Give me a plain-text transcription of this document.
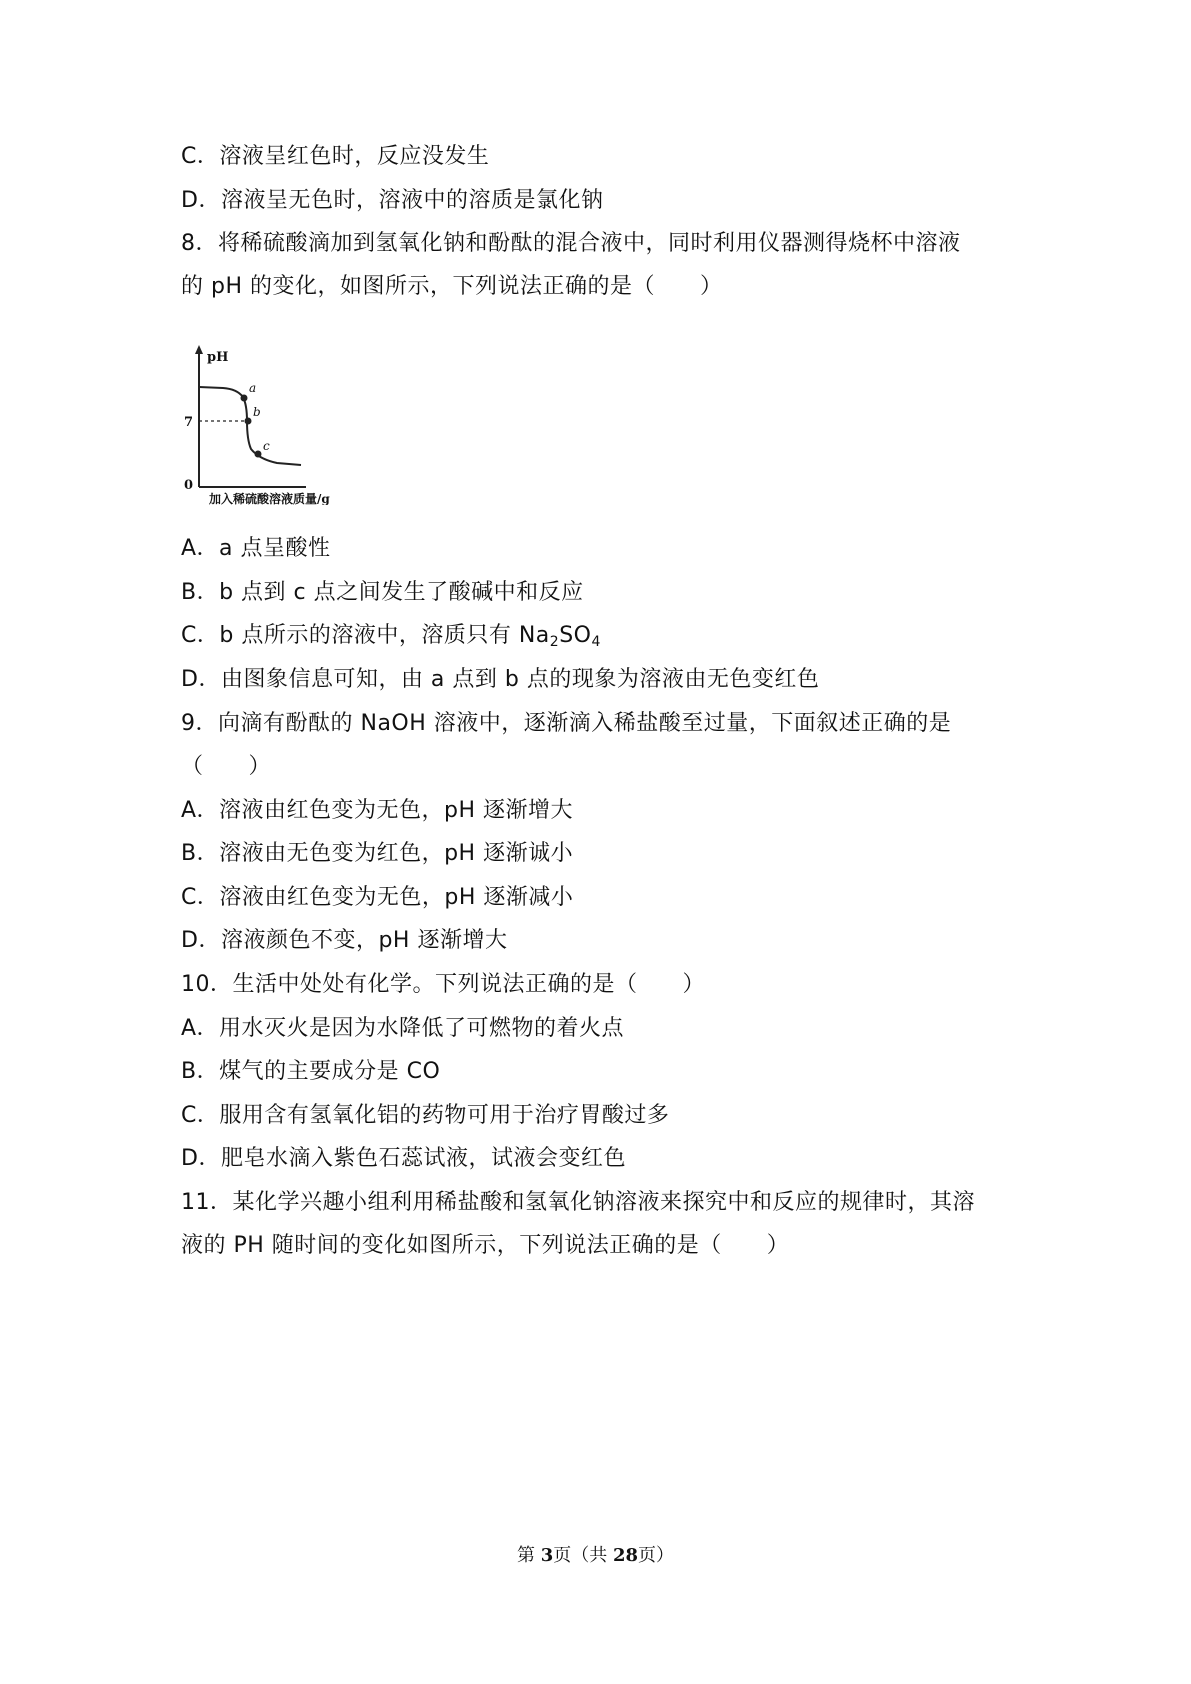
C．溶液呈红色时，反应没发生
D．溶液呈无色时，溶液中的溶质是氯化钠
8．将稀硫酸滴加到氢氧化钠和酚酞的混合液中，同时利用仪器测得烧杯中溶液
的 pH 的变化，如图所示，下列说法正确的是（　　）
pH
7
0
a
b
c
加入稀硫酸溶液质量/g
A．a 点呈酸性
B．b 点到 c 点之间发生了酸碱中和反应
C．b 点所示的溶液中，溶质只有 $Na_2SO_4$
D．由图象信息可知，由 a 点到 b 点的现象为溶液由无色变红色
9．向滴有酚酞的 NaOH 溶液中，逐渐滴入稀盐酸至过量，下面叙述正确的是
（　　）
A．溶液由红色变为无色，pH 逐渐增大
B．溶液由无色变为红色，pH 逐渐诚小
C．溶液由红色变为无色，pH 逐渐减小
D．溶液颜色不变，pH 逐渐增大
10．生活中处处有化学。下列说法正确的是（　　）
A．用水灭火是因为水降低了可燃物的着火点
B．煤气的主要成分是 CO
C．服用含有氢氧化铝的药物可用于治疗胃酸过多
D．肥皂水滴入紫色石蕊试液，试液会变红色
11．某化学兴趣小组利用稀盐酸和氢氧化钠溶液来探究中和反应的规律时，其溶
液的 PH 随时间的变化如图所示，下列说法正确的是（　　）
第 3页（共 28页）
